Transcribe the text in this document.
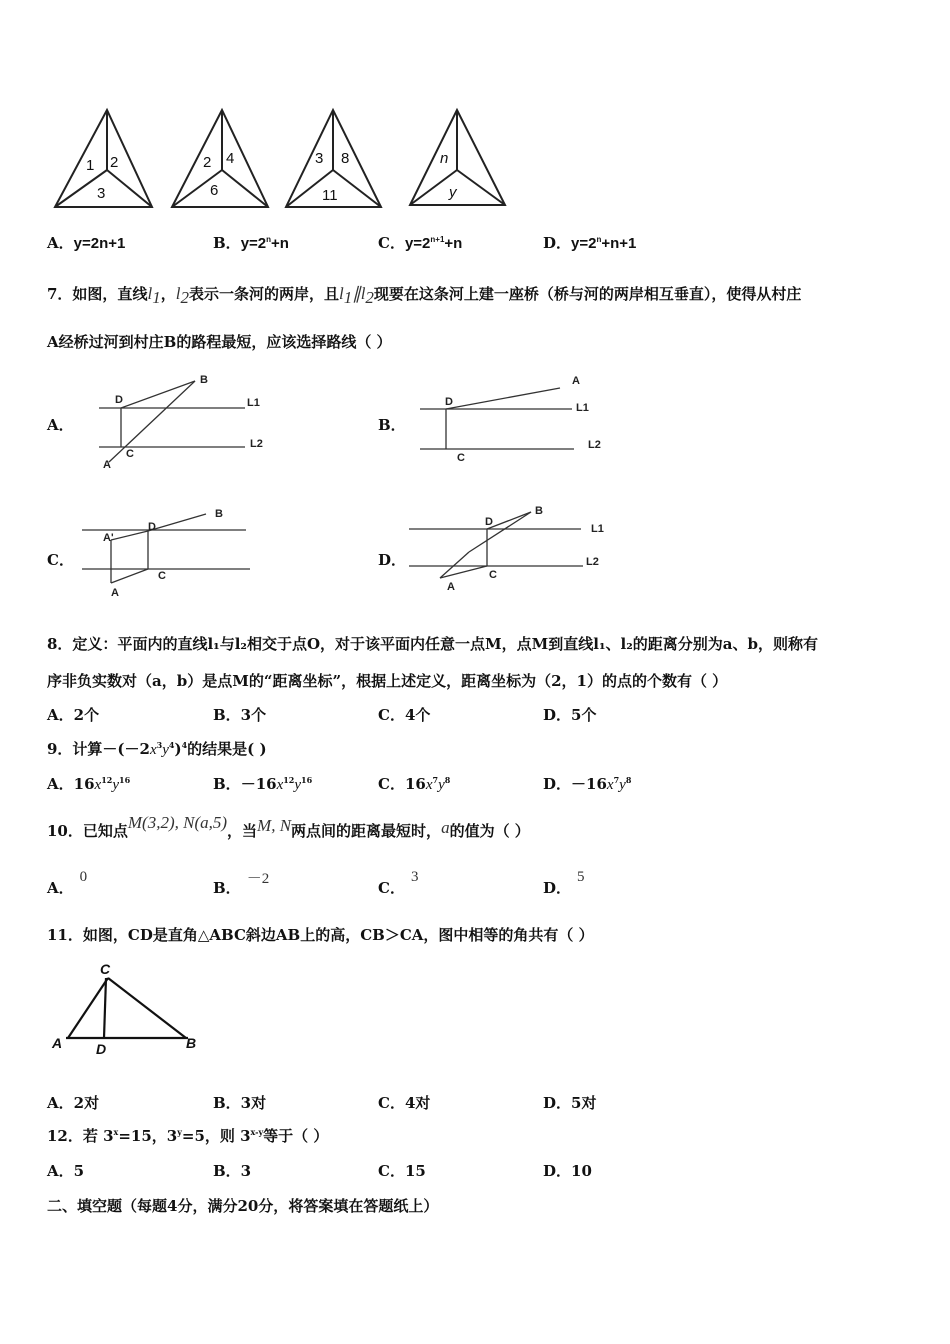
1 2
3
2 4
6
3 8
11
n
y
A．y=2n+1	B．$y=2^n+n$	C．$y=2^{n+1}+n$	D．$y=2^n+n+1$
7．如图，直线$l_1$，$l_2$表示一条河的两岸，且$l_1\parallel l_2$现要在这条河上建一座桥（桥与河的两岸相互垂直），使得从村庄
A经桥过河到村庄B的路程最短，应该选择路线（ ）
A．
B
D	L1
L2
C
A
B．
A
D	L1
L2
C
C．
B
D
A'
C
A
D．
B
D
L1
L2
C
A
8．定义：平面内的直线l₁与l₂相交于点O，对于该平面内任意一点M，点M到直线l₁、l₂的距离分别为a、b，则称有
序非负实数对（a，b）是点M的“距离坐标”，根据上述定义，距离坐标为（2，1）的点的个数有（ ）
A．2个	B．3个	C．4个	D．5个
9．计算$-(-2x^3y^4)^4$的结果是( )
A．$16x^{12}y^{16}$	B．$-16x^{12}y^{16}$	C．$16x^7y^8$	D．$-16x^7y^8$
10．已知点M(3,2), N(a,5)，当M, N两点间的距离最短时，a的值为（ ）
A．0
B． －2	C．3
D．5
11．如图，CD是直角△ABC斜边AB上的高，CB＞CA，图中相等的角共有（ ）
C
A D	B
A．2对	B．3对	C．4对	D．5对
12．若 $3^x=15$，$3^y=5$，则 3$^{x-y}$等于（ ）
A．5	B．3	C．15	D．10
二、填空题（每题4分，满分20分，将答案填在答题纸上）
